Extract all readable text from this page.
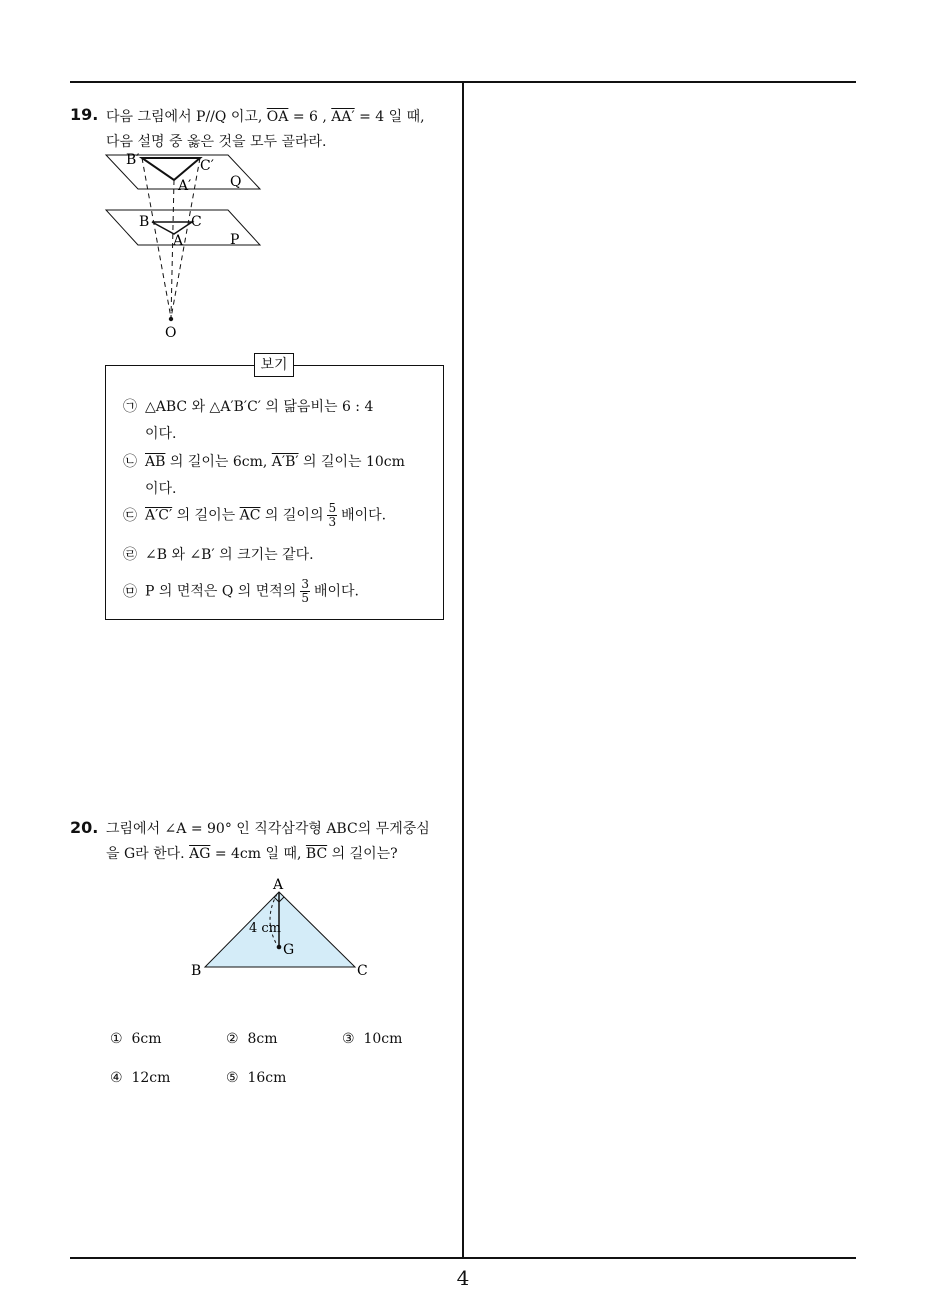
19. 다음 그림에서 P//Q 이고, $\overline{OA} = 6$ , AA′ = 4 일 때,
다음 설명 중 옳은 것을 모두 골라라.
B′	C′
A′	Q
B	C
A	P
O
보기
㉠ △ABC 와 △A′B′C′ 의 닮음비는 6 : 4
이다.
㉡ $\overline{AB}$ 의 길이는 6cm, A′B′ 의 길이는 10cm
이다.
㉢ A′C′ 의 길이는 $\overline{AC}$ 의 길이의 $\frac{5}{3}$ 배이다.
㉣ ∠B 와 ∠B′ 의 크기는 같다.
㉤ P 의 면적은 Q 의 면적의 $\frac{3}{5}$ 배이다.
20. 그림에서 ∠A = 90° 인 직각삼각형 ABC의 무게중심
을 G라 한다. $\overline{AG} = 4cm$ 일 때, $\overline{BC}$ 의 길이는?
A
B	C
G
4 cm
① 6cm	② 8cm	③ 10cm
④ 12cm	⑤ 16cm
4
